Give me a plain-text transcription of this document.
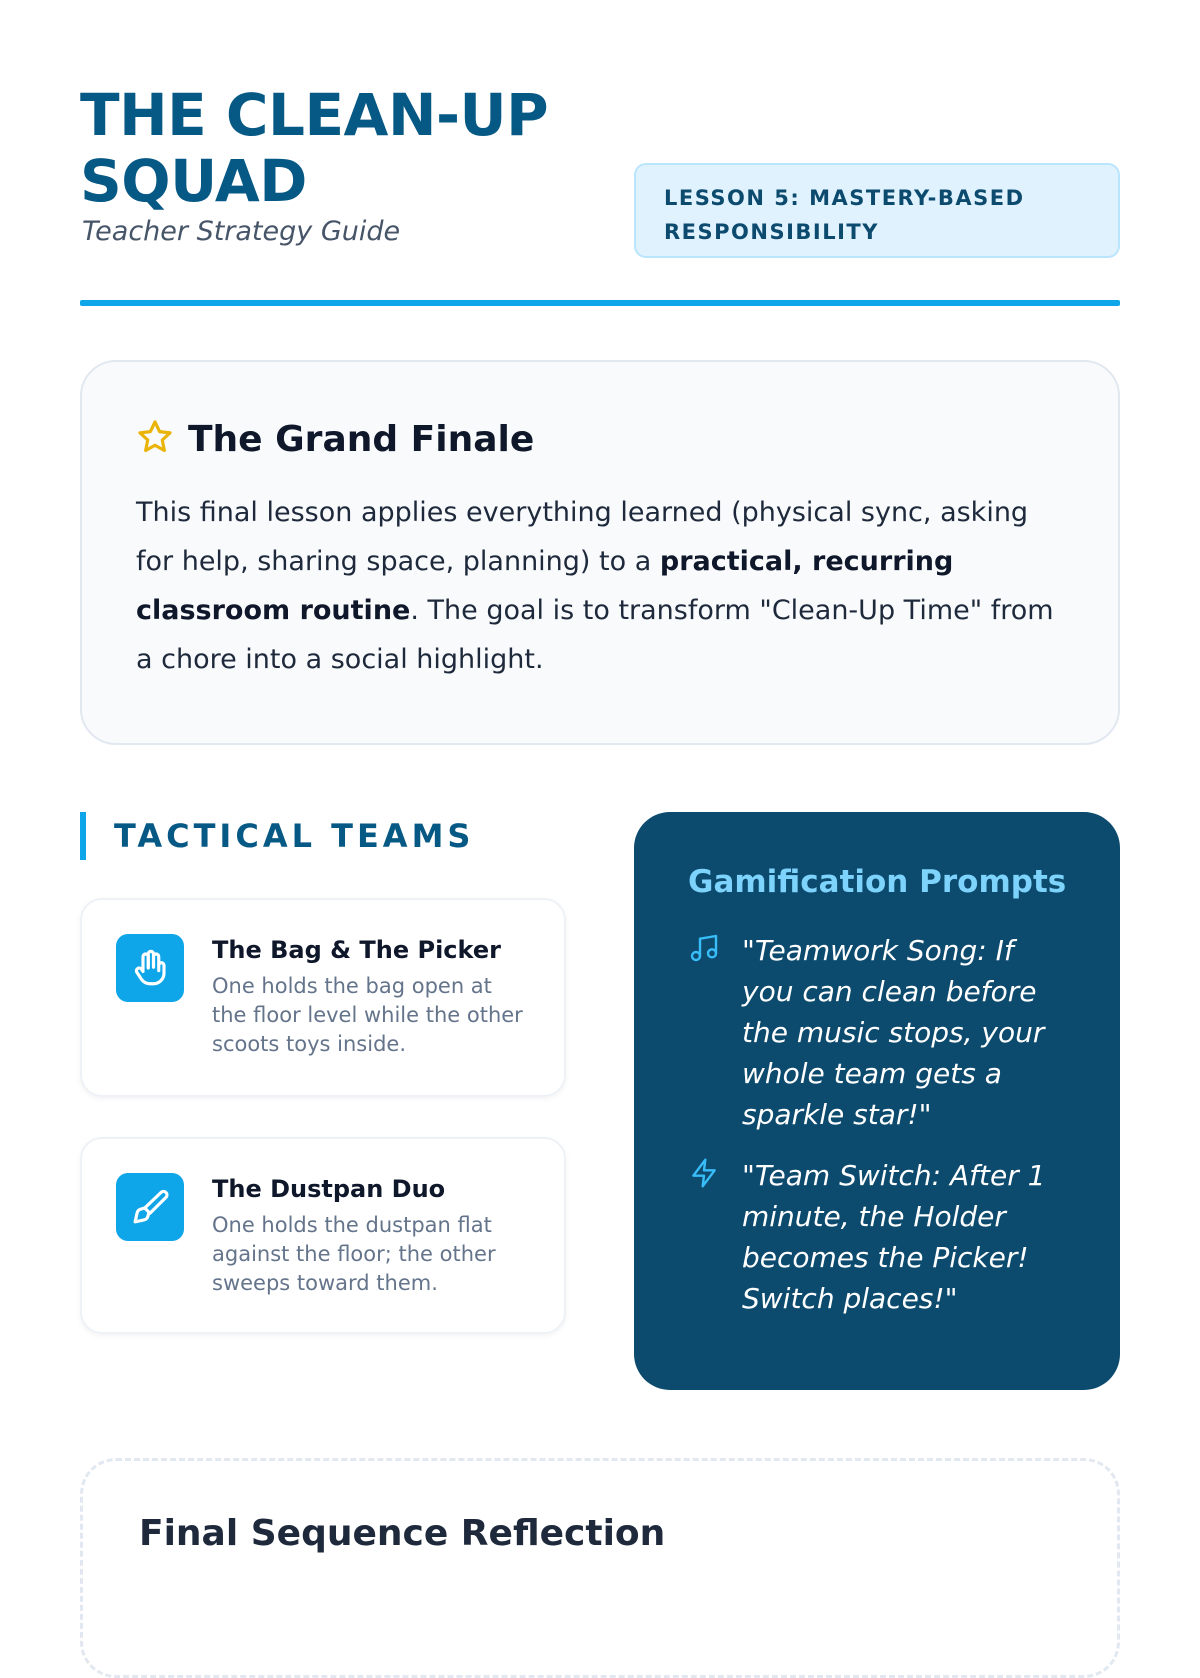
THE CLEAN-UP SQUAD
Teacher Strategy Guide
LESSON 5: MASTERY-BASED RESPONSIBILITY
The Grand Finale

This final lesson applies everything learned (physical sync, asking for help, sharing space, planning) to a practical, recurring classroom routine. The goal is to transform "Clean-Up Time" from a chore into a social highlight.

TACTICAL TEAMS
The Bag & The Picker
One holds the bag open at the floor level while the other scoots toys inside.
The Dustpan Duo
One holds the dustpan flat against the floor; the other sweeps toward them.
Gamification Prompts
"Teamwork Song: If you can clean before the music stops, your whole team gets a sparkle star!"
"Team Switch: After 1 minute, the Holder becomes the Picker! Switch places!"
Final Sequence Reflection
